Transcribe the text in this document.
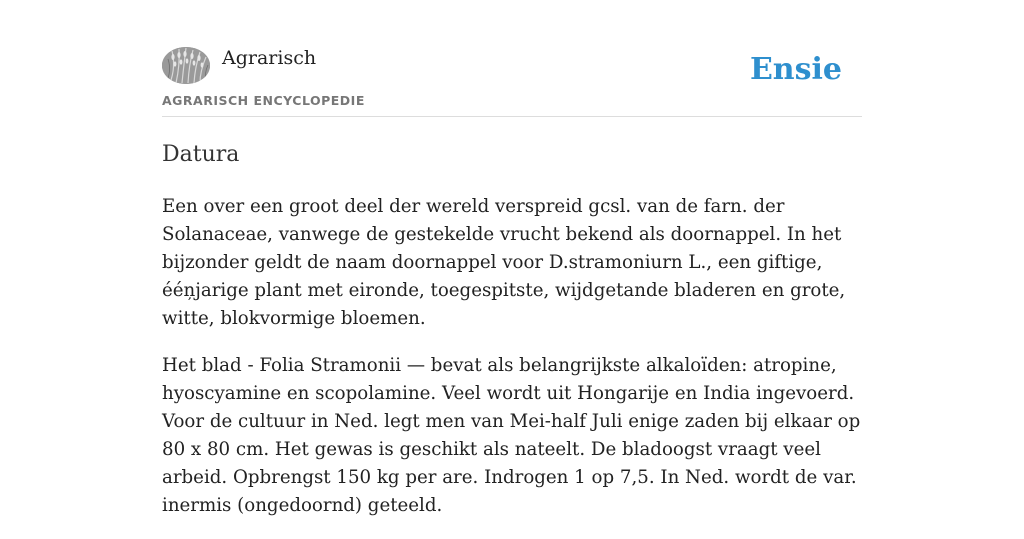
Agrarisch
AGRARISCH ENCYCLOPEDIE
Ensie
Datura

Een over een groot deel der wereld verspreid gcsl. van de farn. der Solanaceae, vanwege de gestekelde vrucht bekend als doornappel. In het bijzonder geldt de naam doornappel voor D.stramoniurn L., een giftige, ééņjarige plant met eironde, toegespitste, wijdgetande bladeren en grote, witte, blokvormige bloemen.

Het blad - Folia Stramonii — bevat als belangrijkste alkaloïden: atropine, hyoscyamine en scopolamine. Veel wordt uit Hongarije en India ingevoerd. Voor de cultuur in Ned. legt men van Mei-half Juli enige zaden bij elkaar op 80 x 80 cm. Het gewas is geschikt als nateelt. De bladoogst vraagt veel arbeid. Opbrengst 150 kg per are. Indrogen 1 op 7,5. In Ned. wordt de var. inermis (ongedoornd) geteeld.
